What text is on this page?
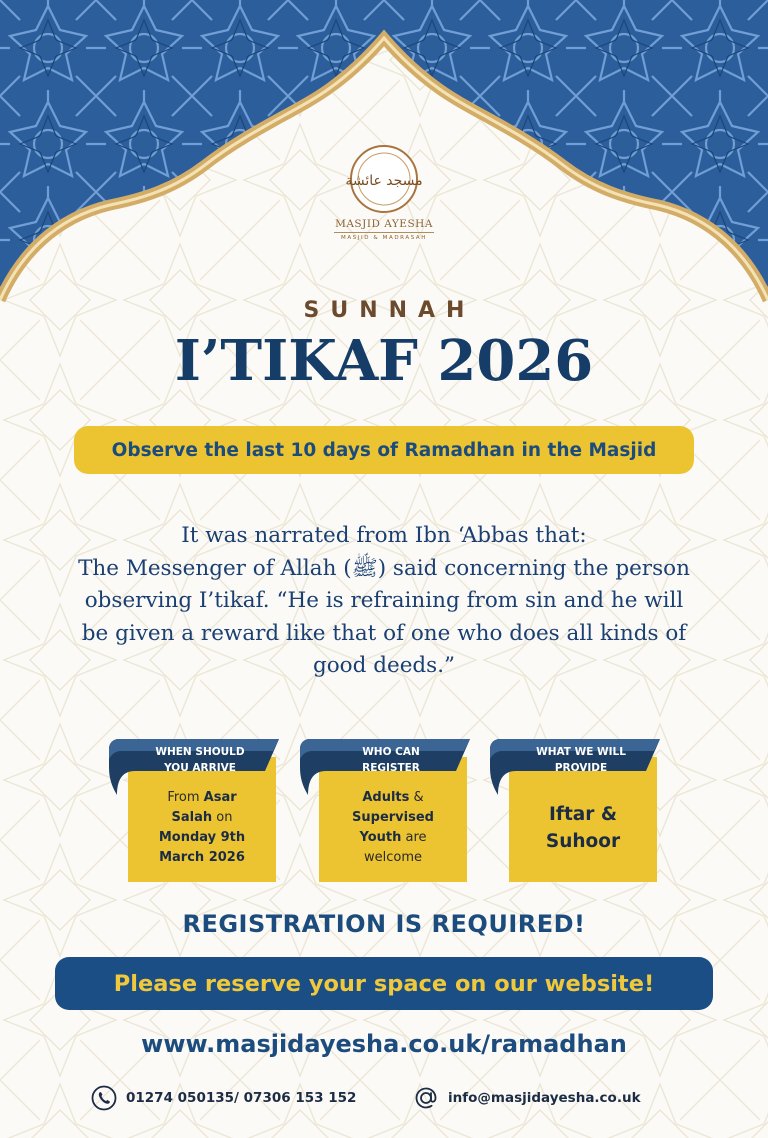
مسجد عائشة
MASJID AYESHA
MASJID & MADRASAH
SUNNAH
I’TIKAF 2026
Observe the last 10 days of Ramadhan in the Masjid
It was narrated from Ibn ‘Abbas that:
The Messenger of Allah (ﷺ) said concerning the person
observing I’tikaf. “He is refraining from sin and he will
be given a reward like that of one who does all kinds of
good deeds.”
WHEN SHOULD
YOU ARRIVE
From Asar
Salah on
Monday 9th
March 2026
WHO CAN
REGISTER
Adults &
Supervised
Youth are
welcome
WHAT WE WILL
PROVIDE
Iftar &
Suhoor
REGISTRATION IS REQUIRED!
Please reserve your space on our website!
www.masjidayesha.co.uk/ramadhan
01274 050135/ 07306 153 152	info@masjidayesha.co.uk
